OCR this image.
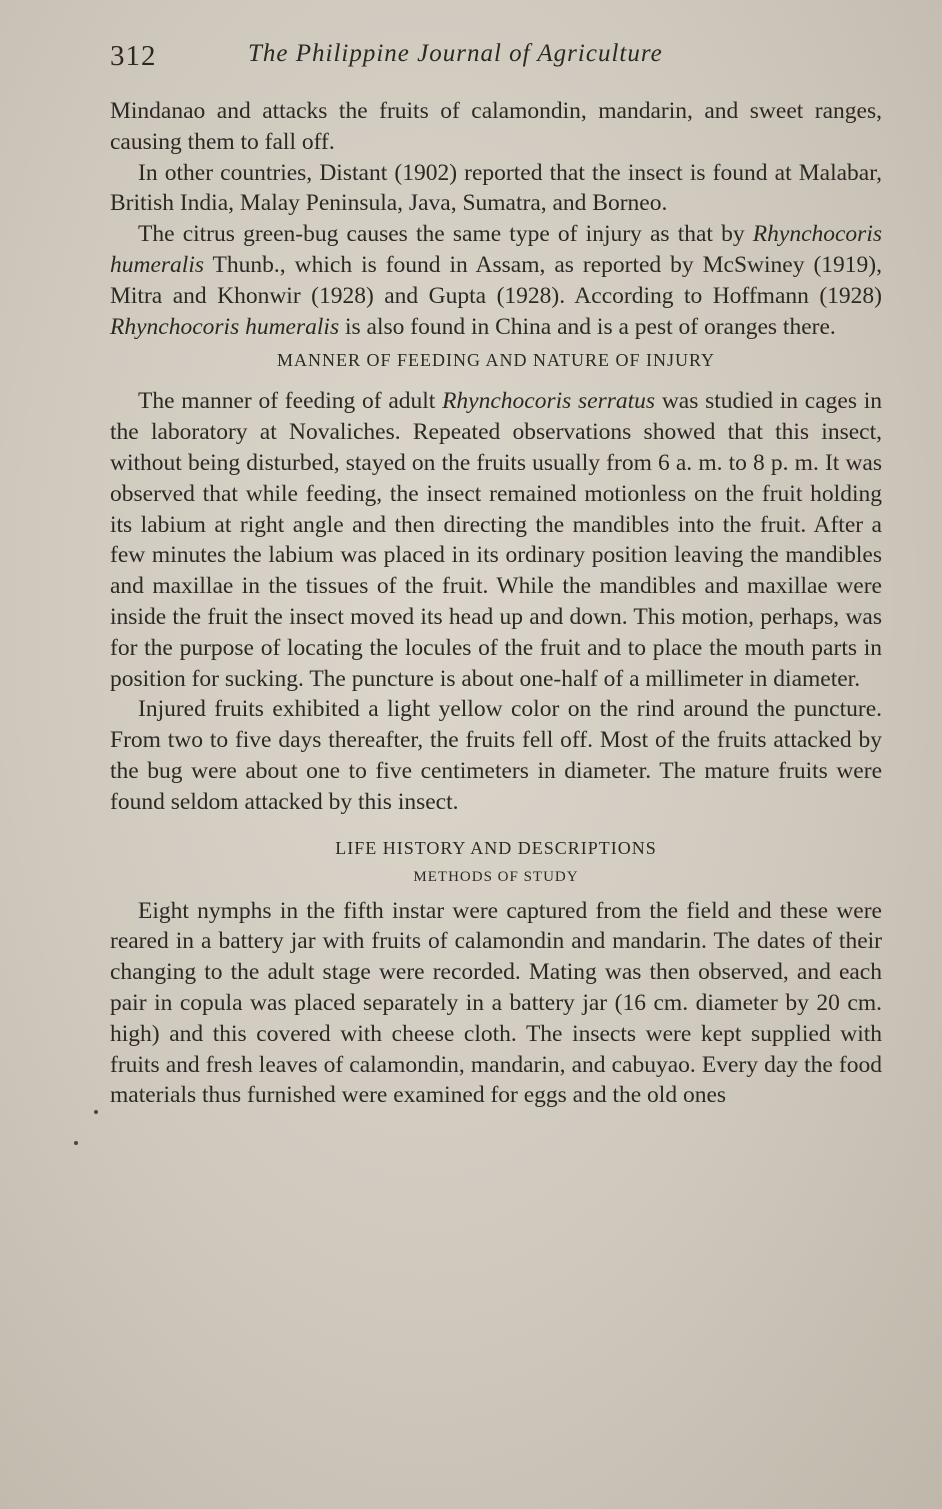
312	The Philippine Journal of Agriculture

Mindanao and attacks the fruits of calamondin, mandarin, and sweet ranges, causing them to fall off.

In other countries, Distant (1902) reported that the insect is found at Malabar, British India, Malay Peninsula, Java, Sumatra, and Borneo.

The citrus green-bug causes the same type of injury as that by Rhynchocoris humeralis Thunb., which is found in Assam, as reported by McSwiney (1919), Mitra and Khonwir (1928) and Gupta (1928). According to Hoffmann (1928) Rhynchocoris humeralis is also found in China and is a pest of oranges there.

MANNER OF FEEDING AND NATURE OF INJURY

The manner of feeding of adult Rhynchocoris serratus was studied in cages in the laboratory at Novaliches. Repeated observations showed that this insect, without being disturbed, stayed on the fruits usually from 6 a. m. to 8 p. m. It was observed that while feeding, the insect remained motionless on the fruit holding its labium at right angle and then directing the mandibles into the fruit. After a few minutes the labium was placed in its ordinary position leaving the mandibles and maxillae in the tissues of the fruit. While the mandibles and maxillae were inside the fruit the insect moved its head up and down. This motion, perhaps, was for the purpose of locating the locules of the fruit and to place the mouth parts in position for sucking. The puncture is about one-half of a millimeter in diameter.

Injured fruits exhibited a light yellow color on the rind around the puncture. From two to five days thereafter, the fruits fell off. Most of the fruits attacked by the bug were about one to five centimeters in diameter. The mature fruits were found seldom attacked by this insect.

LIFE HISTORY AND DESCRIPTIONS
METHODS OF STUDY

Eight nymphs in the fifth instar were captured from the field and these were reared in a battery jar with fruits of calamondin and mandarin. The dates of their changing to the adult stage were recorded. Mating was then observed, and each pair in copula was placed separately in a battery jar (16 cm. diameter by 20 cm. high) and this covered with cheese cloth. The insects were kept supplied with fruits and fresh leaves of calamondin, mandarin, and cabuyao. Every day the food materials thus furnished were examined for eggs and the old ones
